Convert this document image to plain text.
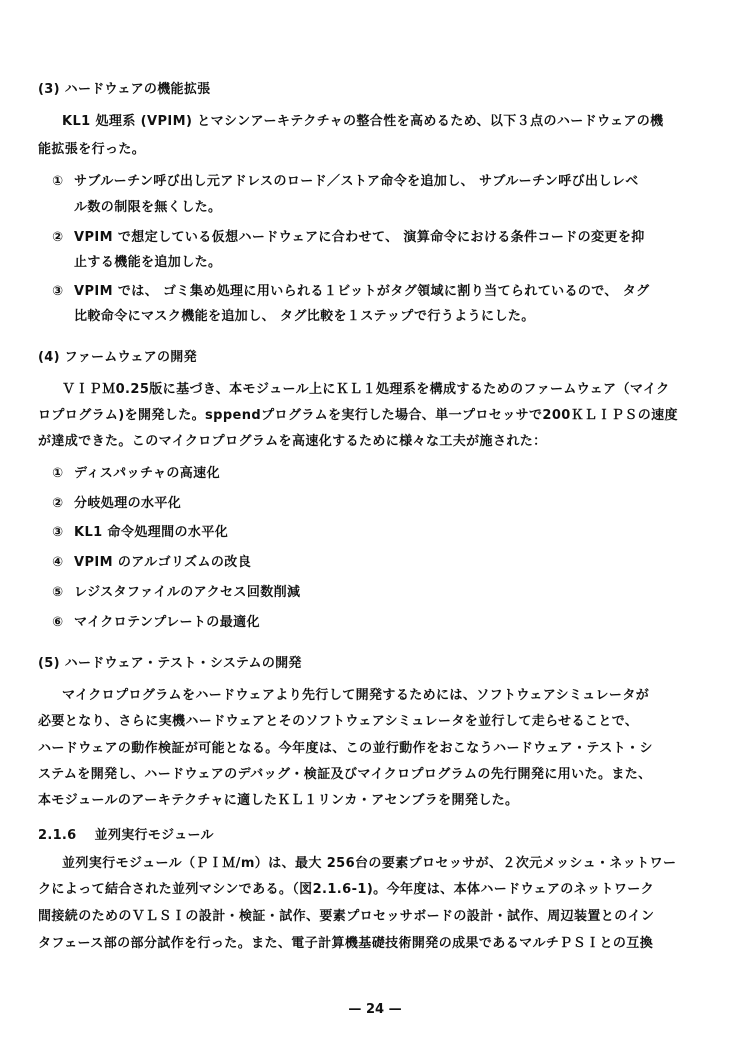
(3) ハードウェアの機能拡張
KL1 処理系 (VPIM) とマシンアーキテクチャの整合性を高めるため、以下３点のハードウェアの機
能拡張を行った。
① サブルーチン呼び出し元アドレスのロード／ストア命令を追加し、 サブルーチン呼び出しレベ
ル数の制限を無くした。
② VPIM で想定している仮想ハードウェアに合わせて、 演算命令における条件コードの変更を抑
止する機能を追加した。
③ VPIM では、 ゴミ集め処理に用いられる１ビットがタグ領域に割り当てられているので、 タグ
比較命令にマスク機能を追加し、 タグ比較を１ステップで行うようにした。
(4) ファームウェアの開発
ＶＩＰＭ0.25版に基づき、本モジュール上にＫＬ１処理系を構成するためのファームウェア（マイク
ロプログラム)を開発した。sppendプログラムを実行した場合、単一プロセッサで200ＫＬＩＰＳの速度
が達成できた。このマイクロプログラムを高速化するために様々な工夫が施された：
① ディスパッチャの高速化
② 分岐処理の水平化
③ KL1 命令処理間の水平化
④ VPIM のアルゴリズムの改良
⑤ レジスタファイルのアクセス回数削減
⑥ マイクロテンプレートの最適化
(5) ハードウェア・テスト・システムの開発
マイクロプログラムをハードウェアより先行して開発するためには、ソフトウェアシミュレータが
必要となり、さらに実機ハードウェアとそのソフトウェアシミュレータを並行して走らせることで、
ハードウェアの動作検証が可能となる。今年度は、この並行動作をおこなうハードウェア・テスト・シ
ステムを開発し、ハードウェアのデバッグ・検証及びマイクロプログラムの先行開発に用いた。また、
本モジュールのアーキテクチャに適したＫＬ１リンカ・アセンブラを開発した。
2.1.6　 並列実行モジュール
並列実行モジュール（ＰＩＭ/m）は、最大 256台の要素プロセッサが、２次元メッシュ・ネットワー
クによって結合された並列マシンである。（図2.1.6-1)。今年度は、本体ハードウェアのネットワーク
間接続のためのＶＬＳＩの設計・検証・試作、要素プロセッサボードの設計・試作、周辺装置とのイン
タフェース部の部分試作を行った。また、電子計算機基礎技術開発の成果であるマルチＰＳＩとの互換
— 24 —
